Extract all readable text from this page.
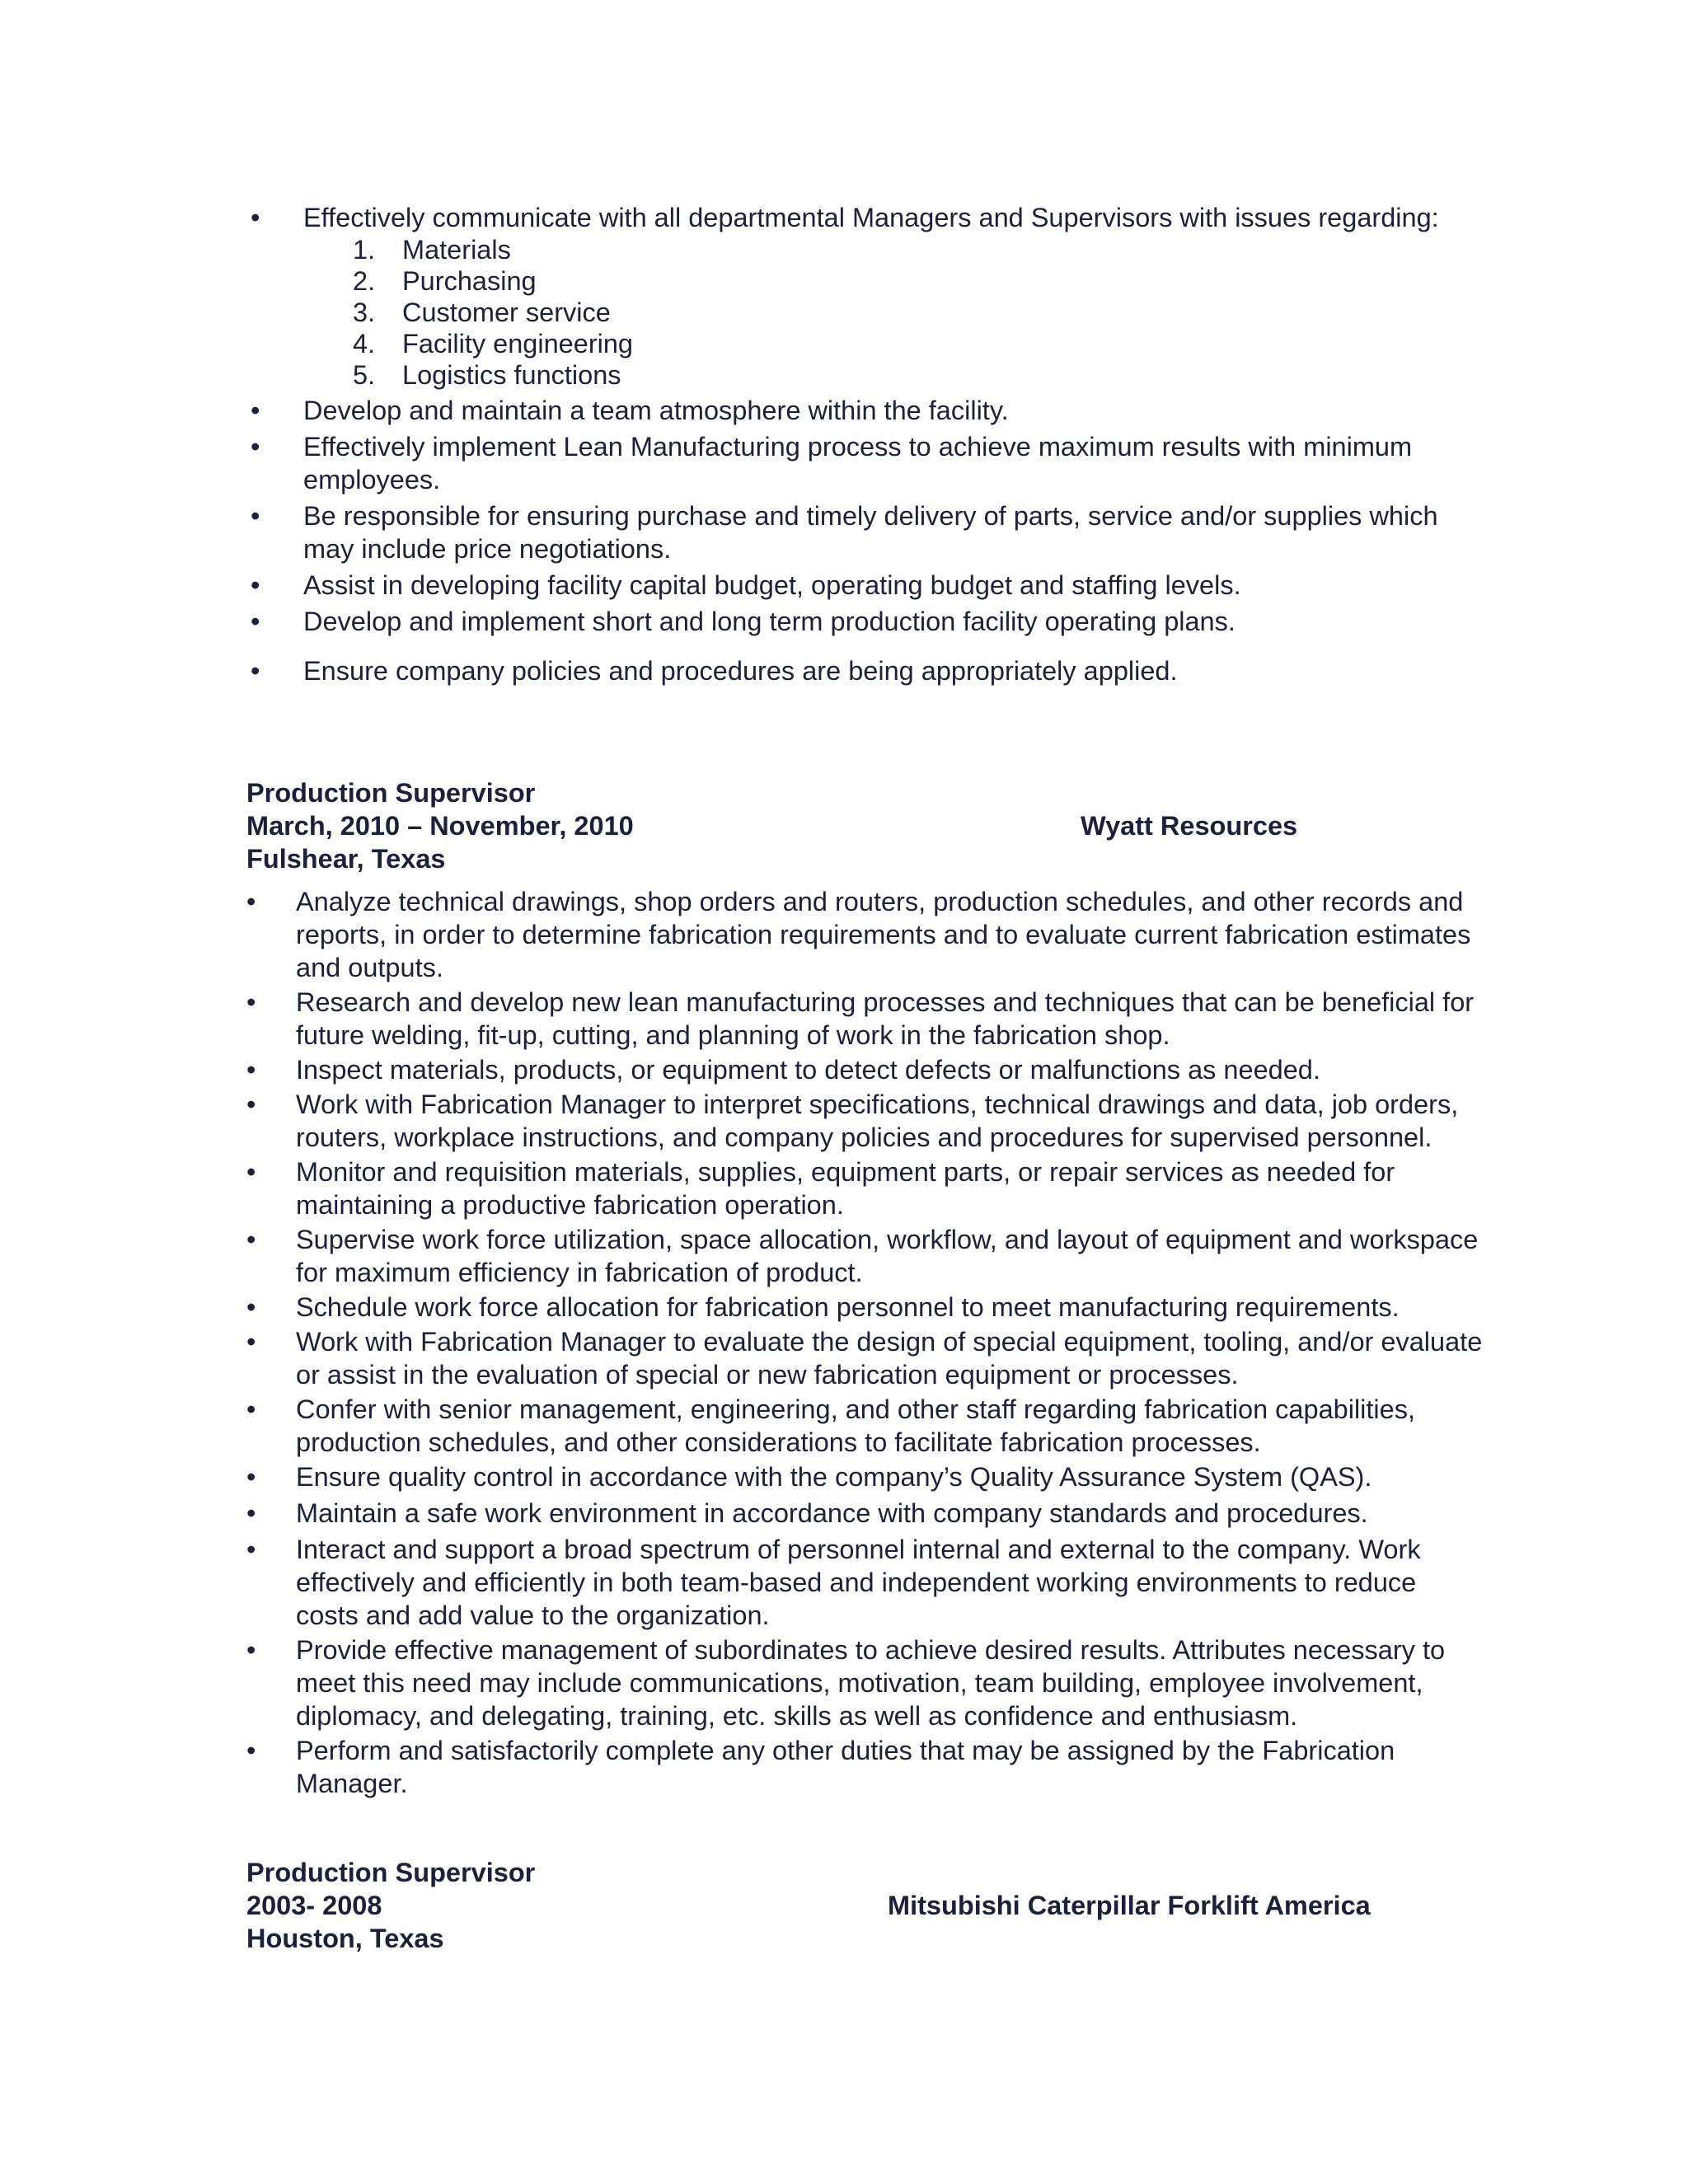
•	Effectively communicate with all departmental Managers and Supervisors with issues regarding:
1. Materials
2. Purchasing
3. Customer service
4. Facility engineering
5. Logistics functions
•	Develop and maintain a team atmosphere within the facility.
•	Effectively implement Lean Manufacturing process to achieve maximum results with minimum employees.
•	Be responsible for ensuring purchase and timely delivery of parts, service and/or supplies which may include price negotiations.
•	Assist in developing facility capital budget, operating budget and staffing levels.
•	Develop and implement short and long term production facility operating plans.
•	Ensure company policies and procedures are being appropriately applied.
Production Supervisor
March, 2010 – November, 2010	Wyatt Resources
Fulshear, Texas
•	Analyze technical drawings, shop orders and routers, production schedules, and other records and reports, in order to determine fabrication requirements and to evaluate current fabrication estimates and outputs.
•	Research and develop new lean manufacturing processes and techniques that can be beneficial for future welding, fit-up, cutting, and planning of work in the fabrication shop.
•	Inspect materials, products, or equipment to detect defects or malfunctions as needed.
•	Work with Fabrication Manager to interpret specifications, technical drawings and data, job orders, routers, workplace instructions, and company policies and procedures for supervised personnel.
•	Monitor and requisition materials, supplies, equipment parts, or repair services as needed for maintaining a productive fabrication operation.
•	Supervise work force utilization, space allocation, workflow, and layout of equipment and workspace for maximum efficiency in fabrication of product.
•	Schedule work force allocation for fabrication personnel to meet manufacturing requirements.
•	Work with Fabrication Manager to evaluate the design of special equipment, tooling, and/or evaluate or assist in the evaluation of special or new fabrication equipment or processes.
•	Confer with senior management, engineering, and other staff regarding fabrication capabilities, production schedules, and other considerations to facilitate fabrication processes.
•	Ensure quality control in accordance with the company’s Quality Assurance System (QAS).
•	Maintain a safe work environment in accordance with company standards and procedures.
•	Interact and support a broad spectrum of personnel internal and external to the company. Work effectively and efficiently in both team-based and independent working environments to reduce costs and add value to the organization.
•	Provide effective management of subordinates to achieve desired results. Attributes necessary to meet this need may include communications, motivation, team building, employee involvement, diplomacy, and delegating, training, etc. skills as well as confidence and enthusiasm.
•	Perform and satisfactorily complete any other duties that may be assigned by the Fabrication Manager.
Production Supervisor
2003- 2008	Mitsubishi Caterpillar Forklift America
Houston, Texas
